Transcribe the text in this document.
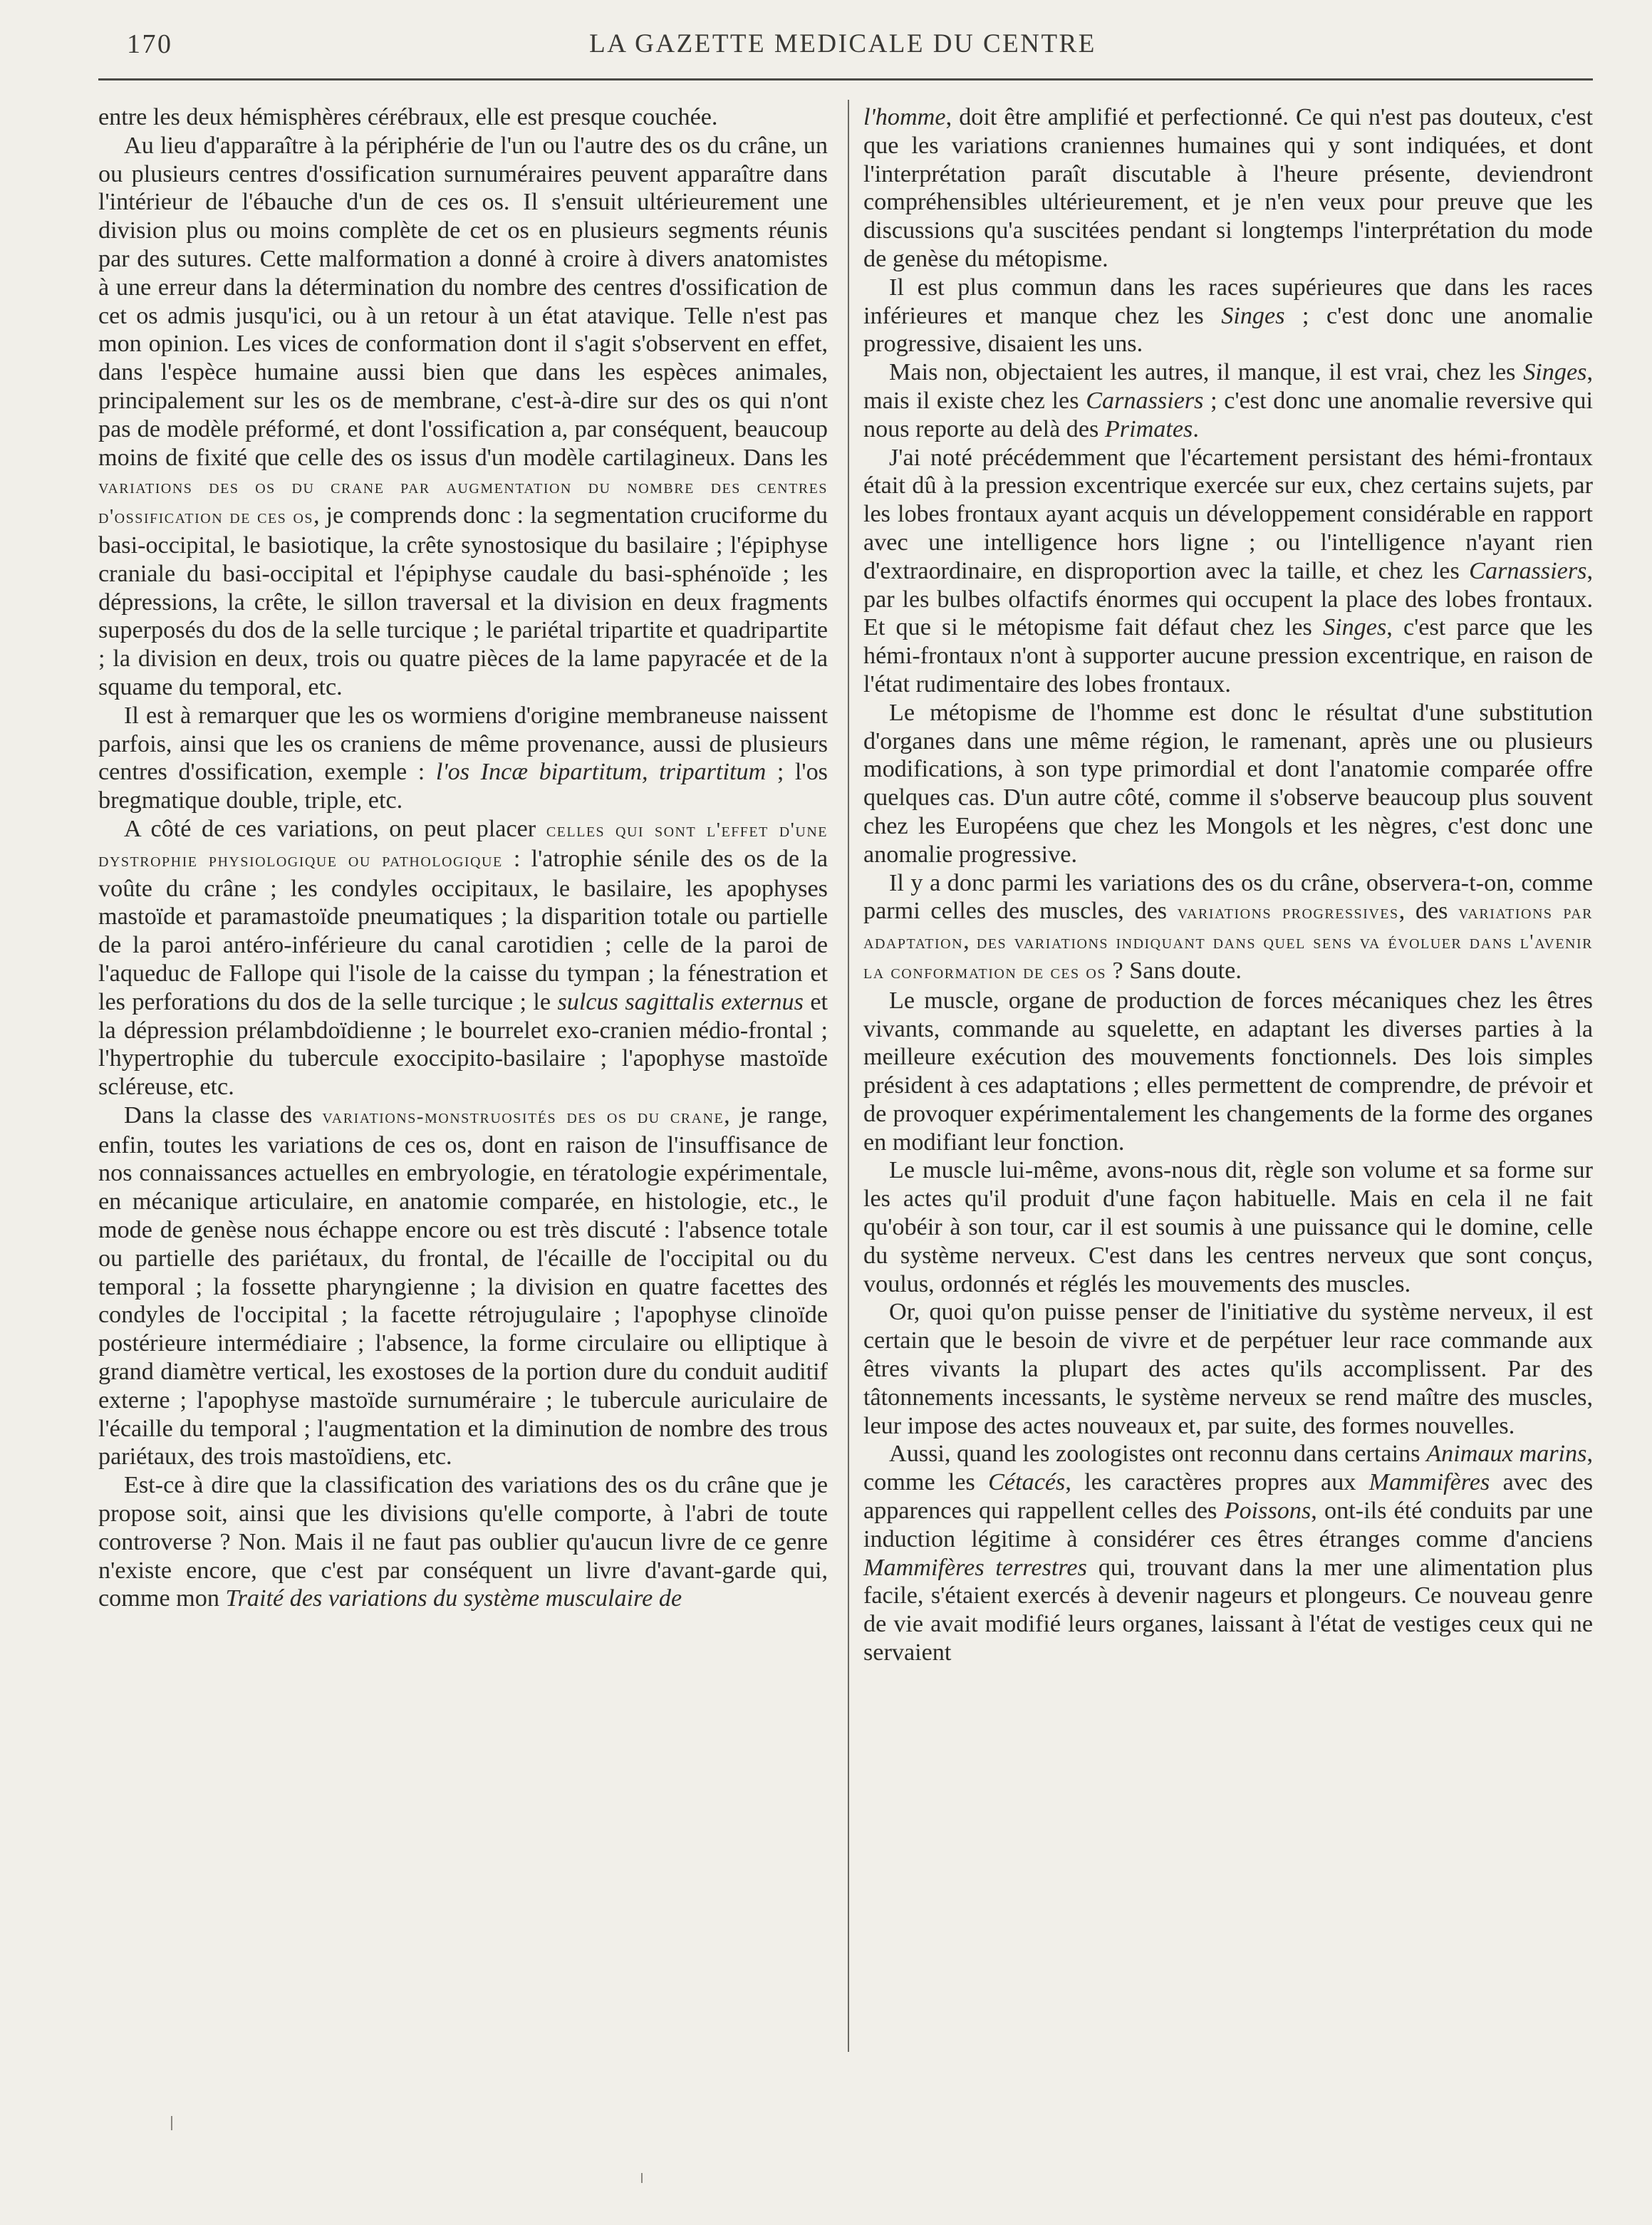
170	LA GAZETTE MEDICALE DU CENTRE

entre les deux hémisphères cérébraux, elle est presque couchée.

Au lieu d'apparaître à la périphérie de l'un ou l'autre des os du crâne, un ou plusieurs centres d'ossification surnuméraires peuvent apparaître dans l'intérieur de l'ébauche d'un de ces os. Il s'ensuit ultérieurement une division plus ou moins complète de cet os en plusieurs segments réunis par des sutures. Cette malformation a donné à croire à divers anatomistes à une erreur dans la détermination du nombre des centres d'ossification de cet os admis jusqu'ici, ou à un retour à un état atavique. Telle n'est pas mon opinion. Les vices de conformation dont il s'agit s'observent en effet, dans l'espèce humaine aussi bien que dans les espèces animales, principalement sur les os de membrane, c'est-à-dire sur des os qui n'ont pas de modèle préformé, et dont l'ossification a, par conséquent, beaucoup moins de fixité que celle des os issus d'un modèle cartilagineux. Dans les variations des os du crane par augmentation du nombre des centres d'ossification de ces os, je comprends donc : la segmentation cruciforme du basi-occipital, le basiotique, la crête synostosique du basilaire ; l'épiphyse craniale du basi-occipital et l'épiphyse caudale du basi-sphénoïde ; les dépressions, la crête, le sillon traversal et la division en deux fragments superposés du dos de la selle turcique ; le pariétal tripartite et quadripartite ; la division en deux, trois ou quatre pièces de la lame papyracée et de la squame du temporal, etc.

Il est à remarquer que les os wormiens d'origine membraneuse naissent parfois, ainsi que les os craniens de même provenance, aussi de plusieurs centres d'ossification, exemple : l'os Incæ bipartitum, tripartitum ; l'os bregmatique double, triple, etc.

A côté de ces variations, on peut placer celles qui sont l'effet d'une dystrophie physiologique ou pathologique : l'atrophie sénile des os de la voûte du crâne ; les condyles occipitaux, le basilaire, les apophyses mastoïde et paramastoïde pneumatiques ; la disparition totale ou partielle de la paroi antéro-inférieure du canal carotidien ; celle de la paroi de l'aqueduc de Fallope qui l'isole de la caisse du tympan ; la fénestration et les perforations du dos de la selle turcique ; le sulcus sagittalis externus et la dépression prélambdoïdienne ; le bourrelet exo-cranien médio-frontal ; l'hypertrophie du tubercule exoccipito-basilaire ; l'apophyse mastoïde scléreuse, etc.

Dans la classe des variations-monstruosités des os du crane, je range, enfin, toutes les variations de ces os, dont en raison de l'insuffisance de nos connaissances actuelles en embryologie, en tératologie expérimentale, en mécanique articulaire, en anatomie comparée, en histologie, etc., le mode de genèse nous échappe encore ou est très discuté : l'absence totale ou partielle des pariétaux, du frontal, de l'écaille de l'occipital ou du temporal ; la fossette pharyngienne ; la division en quatre facettes des condyles de l'occipital ; la facette rétrojugulaire ; l'apophyse clinoïde postérieure intermédiaire ; l'absence, la forme circulaire ou elliptique à grand diamètre vertical, les exostoses de la portion dure du conduit auditif externe ; l'apophyse mastoïde surnuméraire ; le tubercule auriculaire de l'écaille du temporal ; l'augmentation et la diminution de nombre des trous pariétaux, des trois mastoïdiens, etc.

Est-ce à dire que la classification des variations des os du crâne que je propose soit, ainsi que les divisions qu'elle comporte, à l'abri de toute controverse ? Non. Mais il ne faut pas oublier qu'aucun livre de ce genre n'existe encore, que c'est par conséquent un livre d'avant-garde qui, comme mon Traité des variations du système musculaire de

l'homme, doit être amplifié et perfectionné. Ce qui n'est pas douteux, c'est que les variations craniennes humaines qui y sont indiquées, et dont l'interprétation paraît discutable à l'heure présente, deviendront compréhensibles ultérieurement, et je n'en veux pour preuve que les discussions qu'a suscitées pendant si longtemps l'interprétation du mode de genèse du métopisme.

Il est plus commun dans les races supérieures que dans les races inférieures et manque chez les Singes ; c'est donc une anomalie progressive, disaient les uns.

Mais non, objectaient les autres, il manque, il est vrai, chez les Singes, mais il existe chez les Carnassiers ; c'est donc une anomalie reversive qui nous reporte au delà des Primates.

J'ai noté précédemment que l'écartement persistant des hémi-frontaux était dû à la pression excentrique exercée sur eux, chez certains sujets, par les lobes frontaux ayant acquis un développement considérable en rapport avec une intelligence hors ligne ; ou l'intelligence n'ayant rien d'extraordinaire, en disproportion avec la taille, et chez les Carnassiers, par les bulbes olfactifs énormes qui occupent la place des lobes frontaux. Et que si le métopisme fait défaut chez les Singes, c'est parce que les hémi-frontaux n'ont à supporter aucune pression excentrique, en raison de l'état rudimentaire des lobes frontaux.

Le métopisme de l'homme est donc le résultat d'une substitution d'organes dans une même région, le ramenant, après une ou plusieurs modifications, à son type primordial et dont l'anatomie comparée offre quelques cas. D'un autre côté, comme il s'observe beaucoup plus souvent chez les Européens que chez les Mongols et les nègres, c'est donc une anomalie progressive.

Il y a donc parmi les variations des os du crâne, observera-t-on, comme parmi celles des muscles, des variations progressives, des variations par adaptation, des variations indiquant dans quel sens va évoluer dans l'avenir la conformation de ces os ? Sans doute.

Le muscle, organe de production de forces mécaniques chez les êtres vivants, commande au squelette, en adaptant les diverses parties à la meilleure exécution des mouvements fonctionnels. Des lois simples président à ces adaptations ; elles permettent de comprendre, de prévoir et de provoquer expérimentalement les changements de la forme des organes en modifiant leur fonction.

Le muscle lui-même, avons-nous dit, règle son volume et sa forme sur les actes qu'il produit d'une façon habituelle. Mais en cela il ne fait qu'obéir à son tour, car il est soumis à une puissance qui le domine, celle du système nerveux. C'est dans les centres nerveux que sont conçus, voulus, ordonnés et réglés les mouvements des muscles.

Or, quoi qu'on puisse penser de l'initiative du système nerveux, il est certain que le besoin de vivre et de perpétuer leur race commande aux êtres vivants la plupart des actes qu'ils accomplissent. Par des tâtonnements incessants, le système nerveux se rend maître des muscles, leur impose des actes nouveaux et, par suite, des formes nouvelles.

Aussi, quand les zoologistes ont reconnu dans certains Animaux marins, comme les Cétacés, les caractères propres aux Mammifères avec des apparences qui rappellent celles des Poissons, ont-ils été conduits par une induction légitime à considérer ces êtres étranges comme d'anciens Mammifères terrestres qui, trouvant dans la mer une alimentation plus facile, s'étaient exercés à devenir nageurs et plongeurs. Ce nouveau genre de vie avait modifié leurs organes, laissant à l'état de vestiges ceux qui ne servaient
